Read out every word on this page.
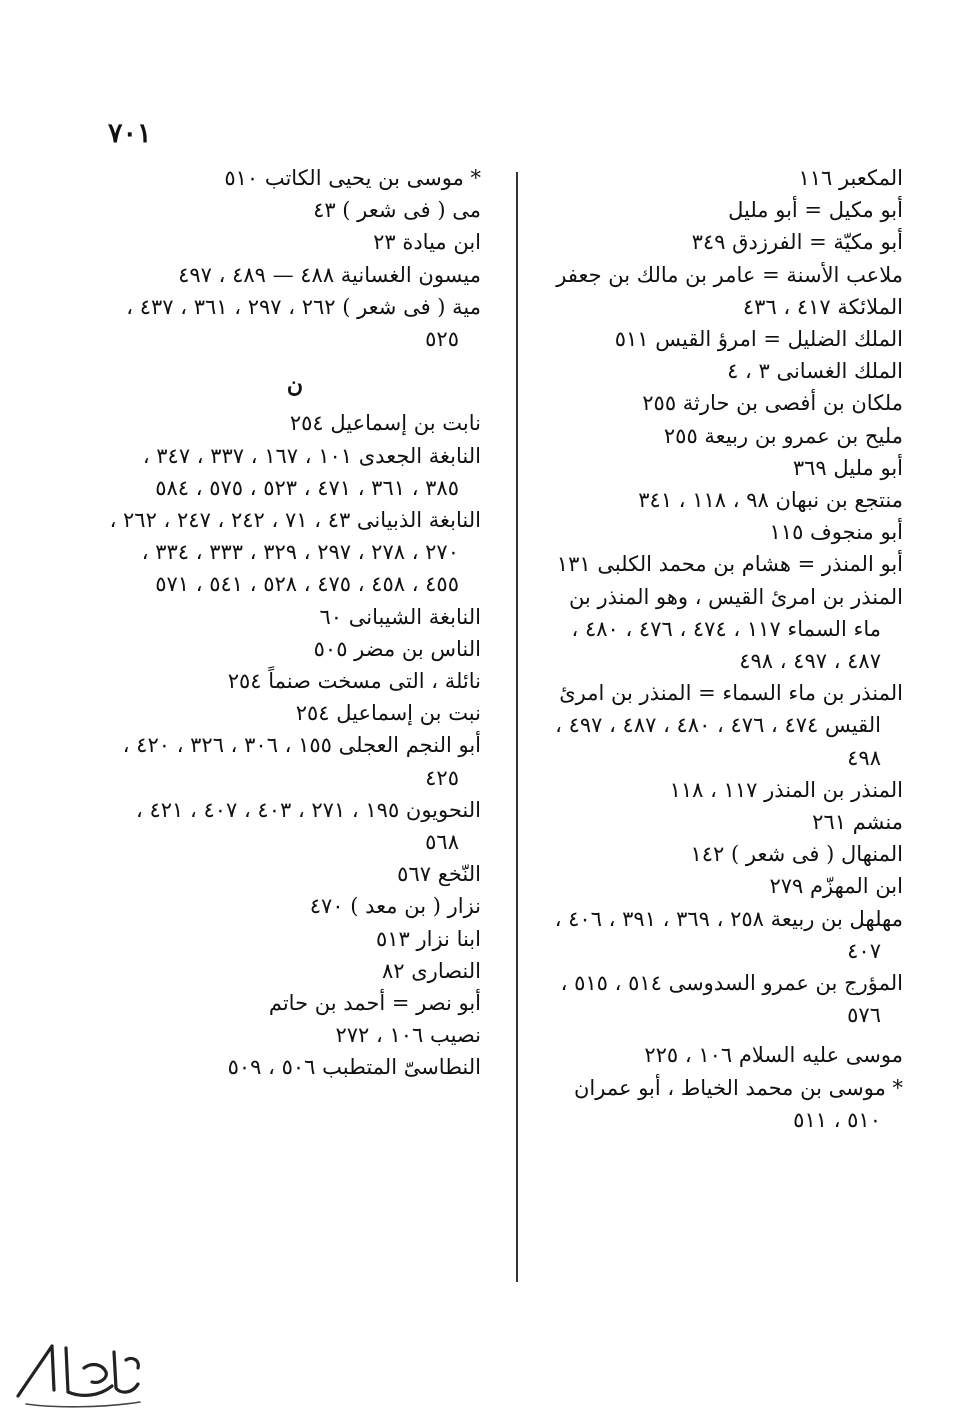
٧٠١
المكعبر ١١٦
أبو مكيل = أبو مليل
أبو مكيّة = الفرزدق ٣٤٩
ملاعب الأسنة = عامر بن مالك بن جعفر
الملائكة ٤١٧ ، ٤٣٦
الملك الضليل = امرؤ القيس ٥١١
الملك الغسانى ٣ ، ٤
ملكان بن أفصى بن حارثة ٢٥٥
مليح بن عمرو بن ربيعة ٢٥٥
أبو مليل ٣٦٩
منتجع بن نبهان ٩٨ ، ١١٨ ، ٣٤١
أبو منجوف ١١٥
أبو المنذر = هشام بن محمد الكلبى ١٣١
المنذر بن امرئ القيس ، وهو المنذر بن ماء السماء ١١٧ ، ٤٧٤ ، ٤٧٦ ، ٤٨٠ ، ٤٨٧ ، ٤٩٧ ، ٤٩٨
المنذر بن ماء السماء = المنذر بن امرئ القيس ٤٧٤ ، ٤٧٦ ، ٤٨٠ ، ٤٨٧ ، ٤٩٧ ، ٤٩٨
المنذر بن المنذر ١١٧ ، ١١٨
منشم ٢٦١
المنهال ( فى شعر ) ١٤٢
ابن المهزّم ٢٧٩
مهلهل بن ربيعة ٢٥٨ ، ٣٦٩ ، ٣٩١ ، ٤٠٦ ، ٤٠٧
المؤرج بن عمرو السدوسى ٥١٤ ، ٥١٥ ، ٥٧٦
موسى عليه السلام ١٠٦ ، ٢٢٥
* موسى بن محمد الخياط ، أبو عمران ٥١٠ ، ٥١١
* موسى بن يحيى الكاتب ٥١٠
مى ( فى شعر ) ٤٣
ابن ميادة ٢٣
ميسون الغسانية ٤٨٨ — ٤٨٩ ، ٤٩٧
مية ( فى شعر ) ٢٦٢ ، ٢٩٧ ، ٣٦١ ، ٤٣٧ ، ٥٢٥
ن
نابت بن إسماعيل ٢٥٤
النابغة الجعدى ١٠١ ، ١٦٧ ، ٣٣٧ ، ٣٤٧ ، ٣٨٥ ، ٣٦١ ، ٤٧١ ، ٥٢٣ ، ٥٧٥ ، ٥٨٤
النابغة الذبيانى ٤٣ ، ٧١ ، ٢٤٢ ، ٢٤٧ ، ٢٦٢ ، ٢٧٠ ، ٢٧٨ ، ٢٩٧ ، ٣٢٩ ، ٣٣٣ ، ٣٣٤ ، ٤٥٥ ، ٤٥٨ ، ٤٧٥ ، ٥٢٨ ، ٥٤١ ، ٥٧١
النابغة الشيبانى ٦٠
الناس بن مضر ٥٠٥
نائلة ، التى مسخت صنماً ٢٥٤
نبت بن إسماعيل ٢٥٤
أبو النجم العجلى ١٥٥ ، ٣٠٦ ، ٣٢٦ ، ٤٢٠ ، ٤٢٥
النحويون ١٩٥ ، ٢٧١ ، ٤٠٣ ، ٤٠٧ ، ٤٢١ ، ٥٦٨
النّخع ٥٦٧
نزار ( بن معد ) ٤٧٠
ابنا نزار ٥١٣
النصارى ٨٢
أبو نصر = أحمد بن حاتم
نصيب ١٠٦ ، ٢٧٢
النطاسىّ المتطبب ٥٠٦ ، ٥٠٩
